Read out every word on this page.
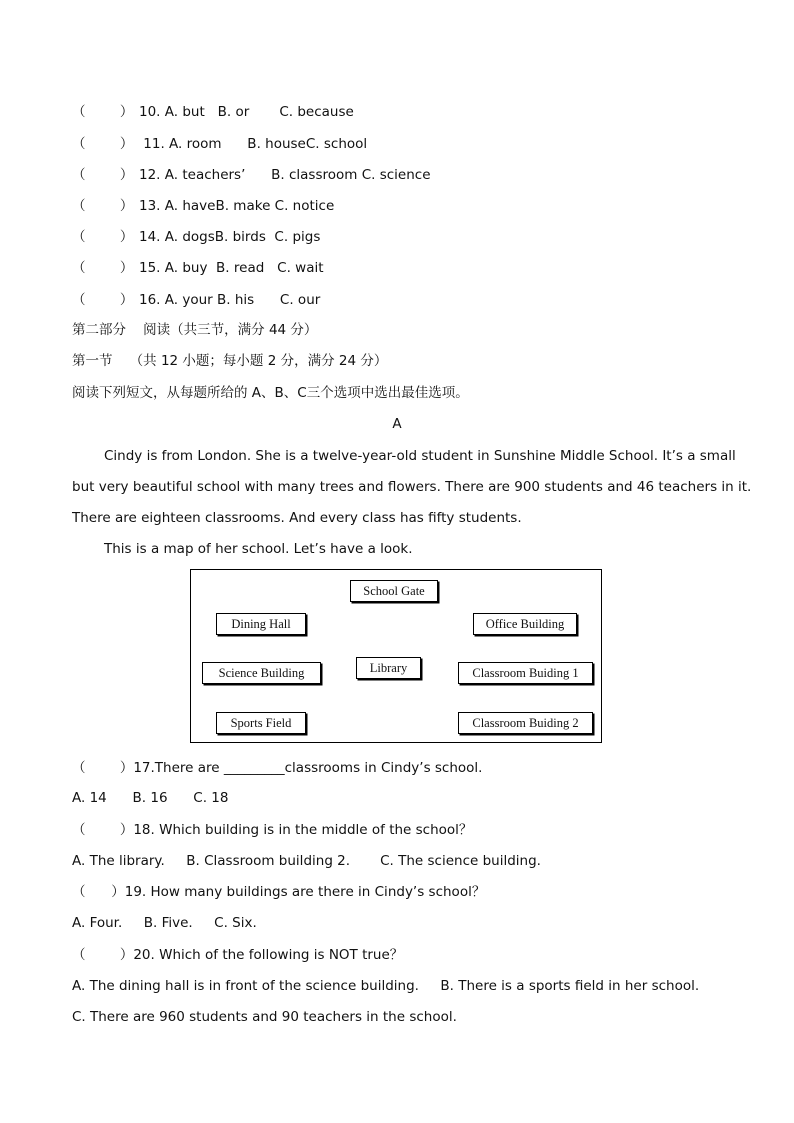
（        ） 10. A. but   B. or       C. because
（        ） 11. A. room      B. houseC. school
（        ） 12. A. teachers’      B. classroom C. science
（        ） 13. A. haveB. make C. notice
（        ） 14. A. dogsB. birds  C. pigs
（        ） 15. A. buy  B. read   C. wait
（        ） 16. A. your B. his      C. our
第二部分    阅读（共三节，满分 44 分）
第一节    （共 12 小题；每小题 2 分，满分 24 分）
阅读下列短文，从每题所给的 A、B、C三个选项中选出最佳选项。
A
Cindy is from London. She is a twelve-year-old student in Sunshine Middle School. It’s a small
but very beautiful school with many trees and flowers. There are 900 students and 46 teachers in it.
There are eighteen classrooms. And every class has fifty students.
This is a map of her school. Let’s have a look.
School Gate
Dining Hall	Office Building
Science Building	Library	Classroom Buiding 1
Sports Field	Classroom Buiding 2
（        ）17.There are _________classrooms in Cindy’s school.
A. 14      B. 16      C. 18
（        ）18. Which building is in the middle of the school？
A. The library.     B. Classroom building 2.       C. The science building.
（      ）19. How many buildings are there in Cindy’s school？
A. Four.     B. Five.     C. Six.
（        ）20. Which of the following is NOT true？
A. The dining hall is in front of the science building.     B. There is a sports field in her school.
C. There are 960 students and 90 teachers in the school.
